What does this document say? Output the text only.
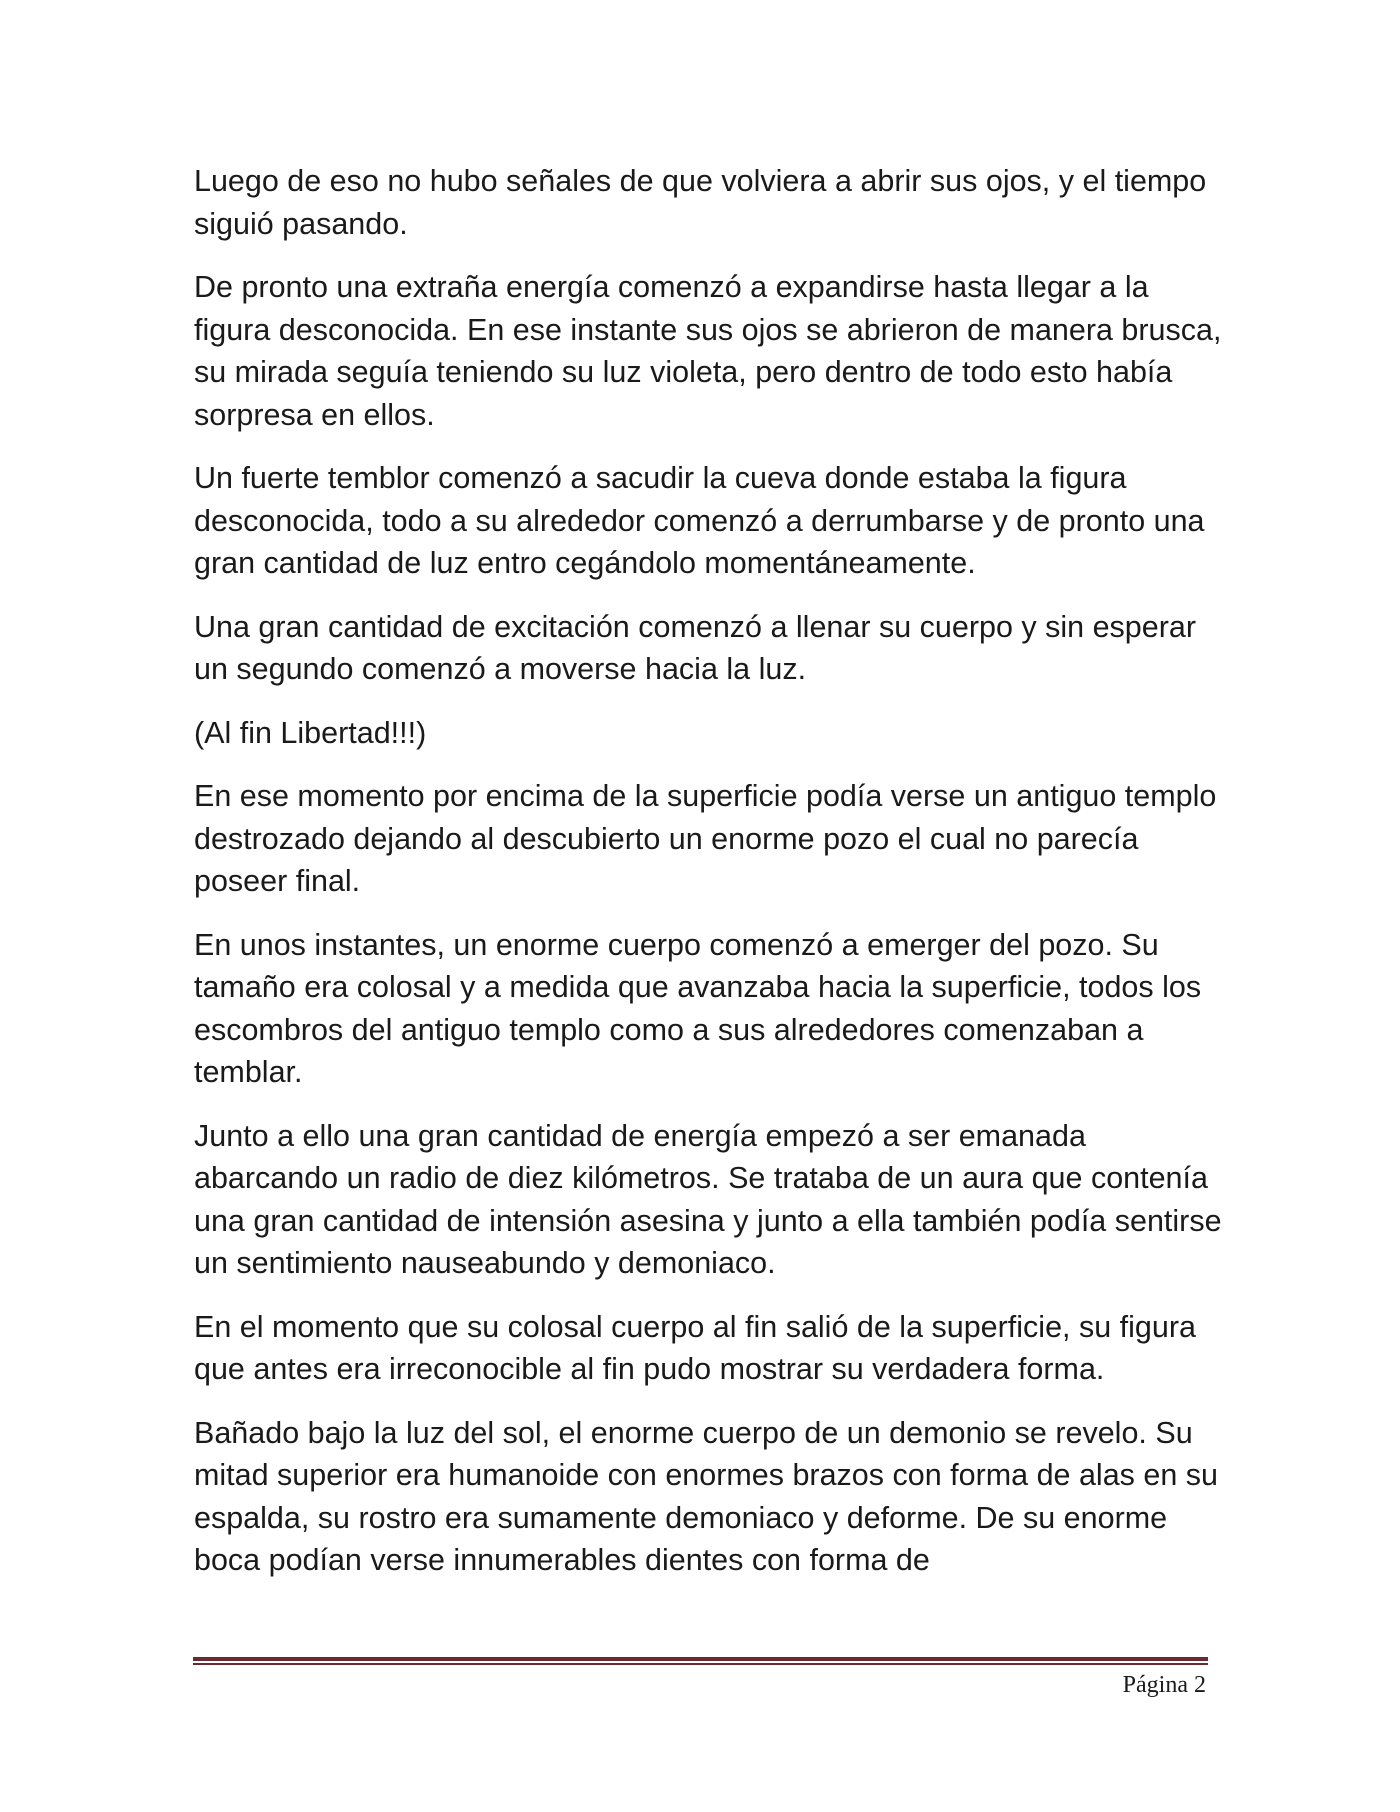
Luego de eso no hubo señales de que volviera a abrir sus ojos, y el tiempo siguió pasando.

De pronto una extraña energía comenzó a expandirse hasta llegar a la figura desconocida. En ese instante sus ojos se abrieron de manera brusca, su mirada seguía teniendo su luz violeta, pero dentro de todo esto había sorpresa en ellos.

Un fuerte temblor comenzó a sacudir la cueva donde estaba la figura desconocida, todo a su alrededor comenzó a derrumbarse y de pronto una gran cantidad de luz entro cegándolo momentáneamente.

Una gran cantidad de excitación comenzó a llenar su cuerpo y sin esperar un segundo comenzó a moverse hacia la luz.

(Al fin Libertad!!!)

En ese momento por encima de la superficie podía verse un antiguo templo destrozado dejando al descubierto un enorme pozo el cual no parecía poseer final.

En unos instantes, un enorme cuerpo comenzó a emerger del pozo. Su tamaño era colosal y a medida que avanzaba hacia la superficie, todos los escombros del antiguo templo como a sus alrededores comenzaban a temblar.

Junto a ello una gran cantidad de energía empezó a ser emanada abarcando un radio de diez kilómetros. Se trataba de un aura que contenía una gran cantidad de intensión asesina y junto a ella también podía sentirse un sentimiento nauseabundo y demoniaco.

En el momento que su colosal cuerpo al fin salió de la superficie, su figura que antes era irreconocible al fin pudo mostrar su verdadera forma.

Bañado bajo la luz del sol, el enorme cuerpo de un demonio se revelo. Su mitad superior era humanoide con enormes brazos con forma de alas en su espalda, su rostro era sumamente demoniaco y deforme. De su enorme boca podían verse innumerables dientes con forma de

Página 2
